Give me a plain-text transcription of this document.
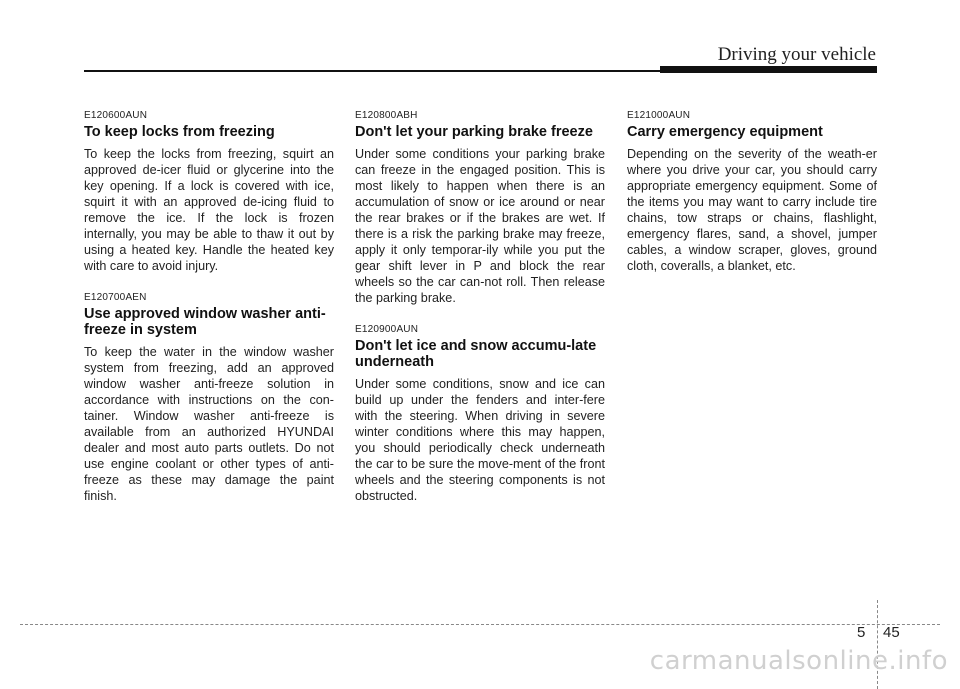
Driving your vehicle
E120600AUN
To keep locks from freezing
To keep the locks from freezing, squirt an approved de-icer fluid or glycerine into the key opening. If a lock is covered with ice, squirt it with an approved de-icing fluid to remove the ice. If the lock is frozen internally, you may be able to thaw it out by using a heated key. Handle the heated key with care to avoid injury.
E120700AEN
Use approved window washer anti-freeze in system
To keep the water in the window washer system from freezing, add an approved window washer anti-freeze solution in accordance with instructions on the con-tainer. Window washer anti-freeze is available from an authorized HYUNDAI dealer and most auto parts outlets. Do not use engine coolant or other types of anti-freeze as these may damage the paint finish.
E120800ABH
Don't let your parking brake freeze
Under some conditions your parking brake can freeze in the engaged position. This is most likely to happen when there is an accumulation of snow or ice around or near the rear brakes or if the brakes are wet. If there is a risk the parking brake may freeze, apply it only temporar-ily while you put the gear shift lever in P and block the rear wheels so the car can-not roll. Then release the parking brake.
E120900AUN
Don't let ice and snow accumu-late underneath
Under some conditions, snow and ice can build up under the fenders and inter-fere with the steering. When driving in severe winter conditions where this may happen, you should periodically check underneath the car to be sure the move-ment of the front wheels and the steering components is not obstructed.
E121000AUN
Carry emergency equipment
Depending on the severity of the weath-er where you drive your car, you should carry appropriate emergency equipment. Some of the items you may want to carry include tire chains, tow straps or chains, flashlight, emergency flares, sand, a shovel, jumper cables, a window scraper, gloves, ground cloth, coveralls, a blanket, etc.
5 45
carmanualsonline.info
